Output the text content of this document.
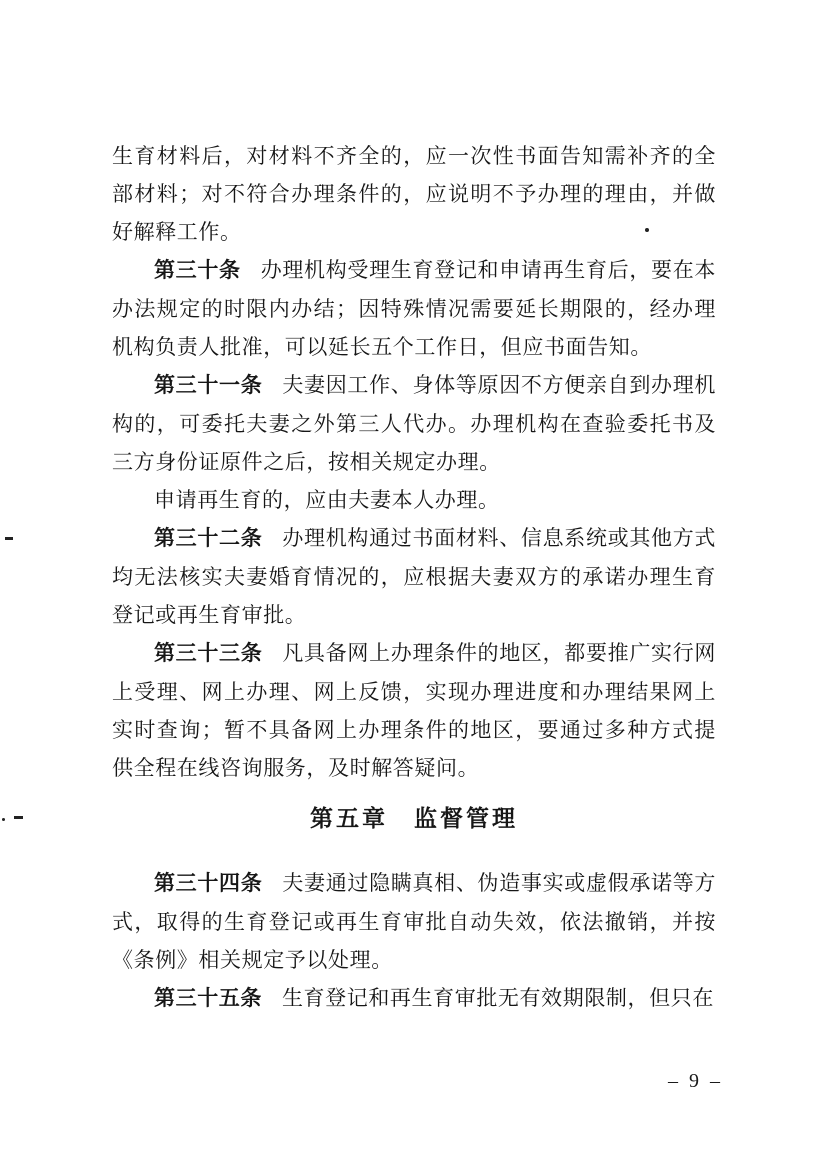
生育材料后，对材料不齐全的，应一次性书面告知需补齐的全部材料；对不符合办理条件的，应说明不予办理的理由，并做好解释工作。

第三十条 办理机构受理生育登记和申请再生育后，要在本办法规定的时限内办结；因特殊情况需要延长期限的，经办理机构负责人批准，可以延长五个工作日，但应书面告知。

第三十一条 夫妻因工作、身体等原因不方便亲自到办理机构的，可委托夫妻之外第三人代办。办理机构在查验委托书及三方身份证原件之后，按相关规定办理。

申请再生育的，应由夫妻本人办理。

第三十二条 办理机构通过书面材料、信息系统或其他方式均无法核实夫妻婚育情况的，应根据夫妻双方的承诺办理生育登记或再生育审批。

第三十三条 凡具备网上办理条件的地区，都要推广实行网上受理、网上办理、网上反馈，实现办理进度和办理结果网上实时查询；暂不具备网上办理条件的地区，要通过多种方式提供全程在线咨询服务，及时解答疑问。

第五章　监督管理

第三十四条 夫妻通过隐瞒真相、伪造事实或虚假承诺等方式，取得的生育登记或再生育审批自动失效，依法撤销，并按《条例》相关规定予以处理。

第三十五条 生育登记和再生育审批无有效期限制，但只在

– 9 –
